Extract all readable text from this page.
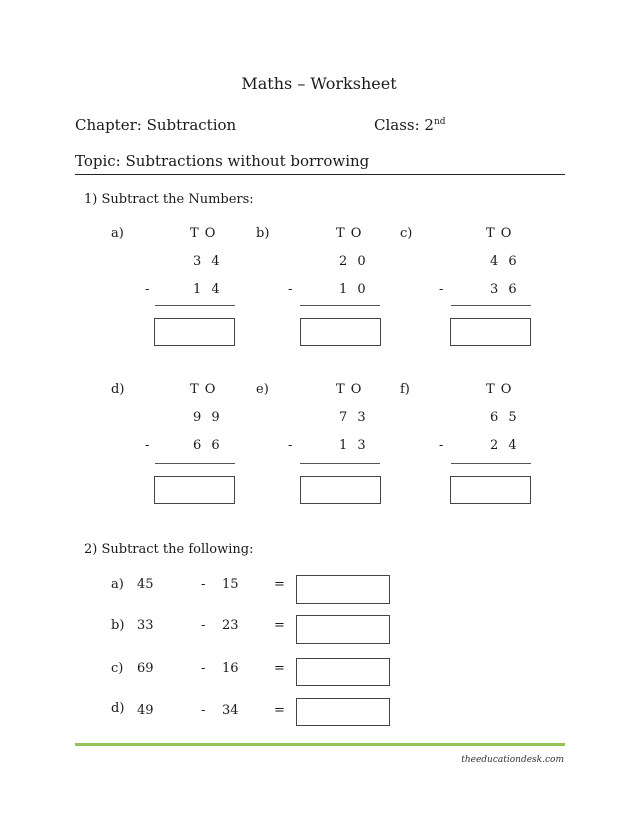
Maths – Worksheet
Chapter: Subtraction	Class: 2nd
Topic: Subtractions without borrowing
1) Subtract the Numbers:
a)	T O
3 4
-	1 4
b)	T O
2 0
-	1 0
c)	T O
4 6
-	3 6
d)	T O
9 9
-	6 6
e)	T O
7 3
-	1 3
f)	T O
6 5
-	2 4
2) Subtract the following:
a) 45	- 15	=
b) 33	- 23	=
c) 69	- 16	=
d) 49	- 34	=
theeducationdesk.com
